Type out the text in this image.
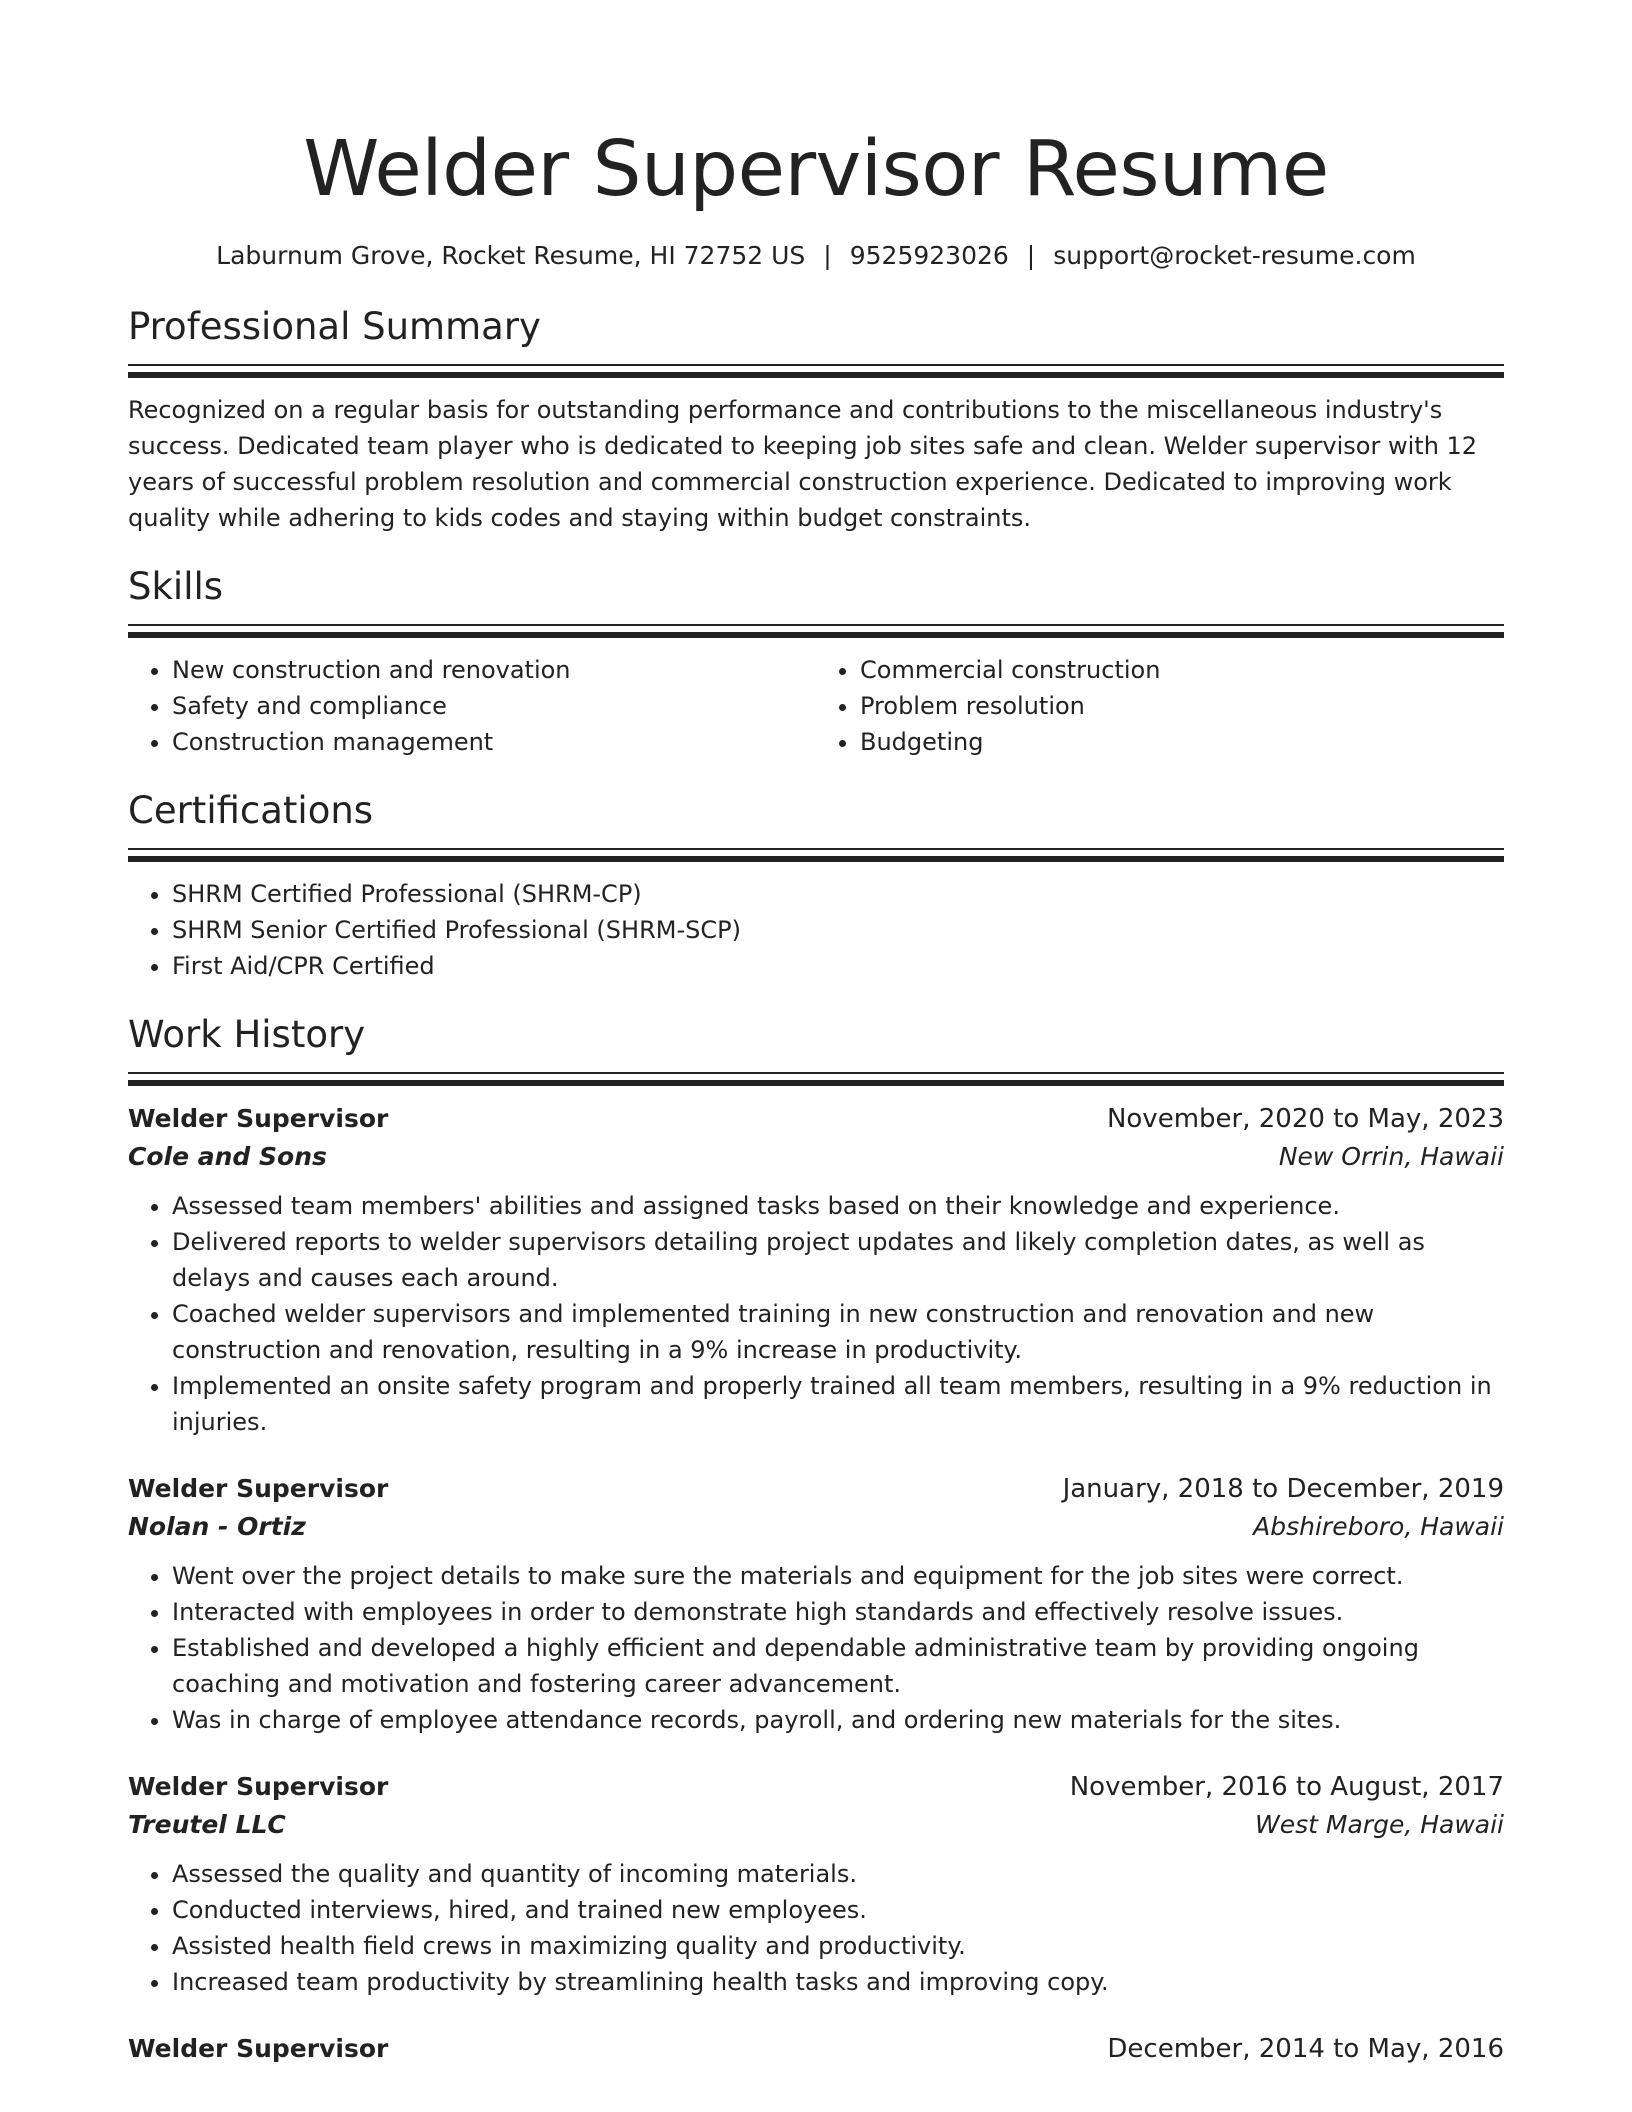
Welder Supervisor Resume
Laburnum Grove, Rocket Resume, HI 72752 US | 9525923026 | support@rocket-resume.com
Professional Summary

Recognized on a regular basis for outstanding performance and contributions to the miscellaneous industry's success. Dedicated team player who is dedicated to keeping job sites safe and clean. Welder supervisor with 12 years of successful problem resolution and commercial construction experience. Dedicated to improving work quality while adhering to kids codes and staying within budget constraints.

Skills
• New construction and renovation
• Safety and compliance
• Construction management
• Commercial construction
• Problem resolution
• Budgeting
Certifications
• SHRM Certified Professional (SHRM-CP)
• SHRM Senior Certified Professional (SHRM-SCP)
• First Aid/CPR Certified
Work History
Welder Supervisor	November, 2020 to May, 2023
Cole and Sons	New Orrin, Hawaii
• Assessed team members' abilities and assigned tasks based on their knowledge and experience.
• Delivered reports to welder supervisors detailing project updates and likely completion dates, as well as delays and causes each around.
• Coached welder supervisors and implemented training in new construction and renovation and new construction and renovation, resulting in a 9% increase in productivity.
• Implemented an onsite safety program and properly trained all team members, resulting in a 9% reduction in injuries.
Welder Supervisor	January, 2018 to December, 2019
Nolan - Ortiz	Abshireboro, Hawaii
• Went over the project details to make sure the materials and equipment for the job sites were correct.
• Interacted with employees in order to demonstrate high standards and effectively resolve issues.
• Established and developed a highly efficient and dependable administrative team by providing ongoing coaching and motivation and fostering career advancement.
• Was in charge of employee attendance records, payroll, and ordering new materials for the sites.
Welder Supervisor	November, 2016 to August, 2017
Treutel LLC	West Marge, Hawaii
• Assessed the quality and quantity of incoming materials.
• Conducted interviews, hired, and trained new employees.
• Assisted health field crews in maximizing quality and productivity.
• Increased team productivity by streamlining health tasks and improving copy.
Welder Supervisor	December, 2014 to May, 2016
